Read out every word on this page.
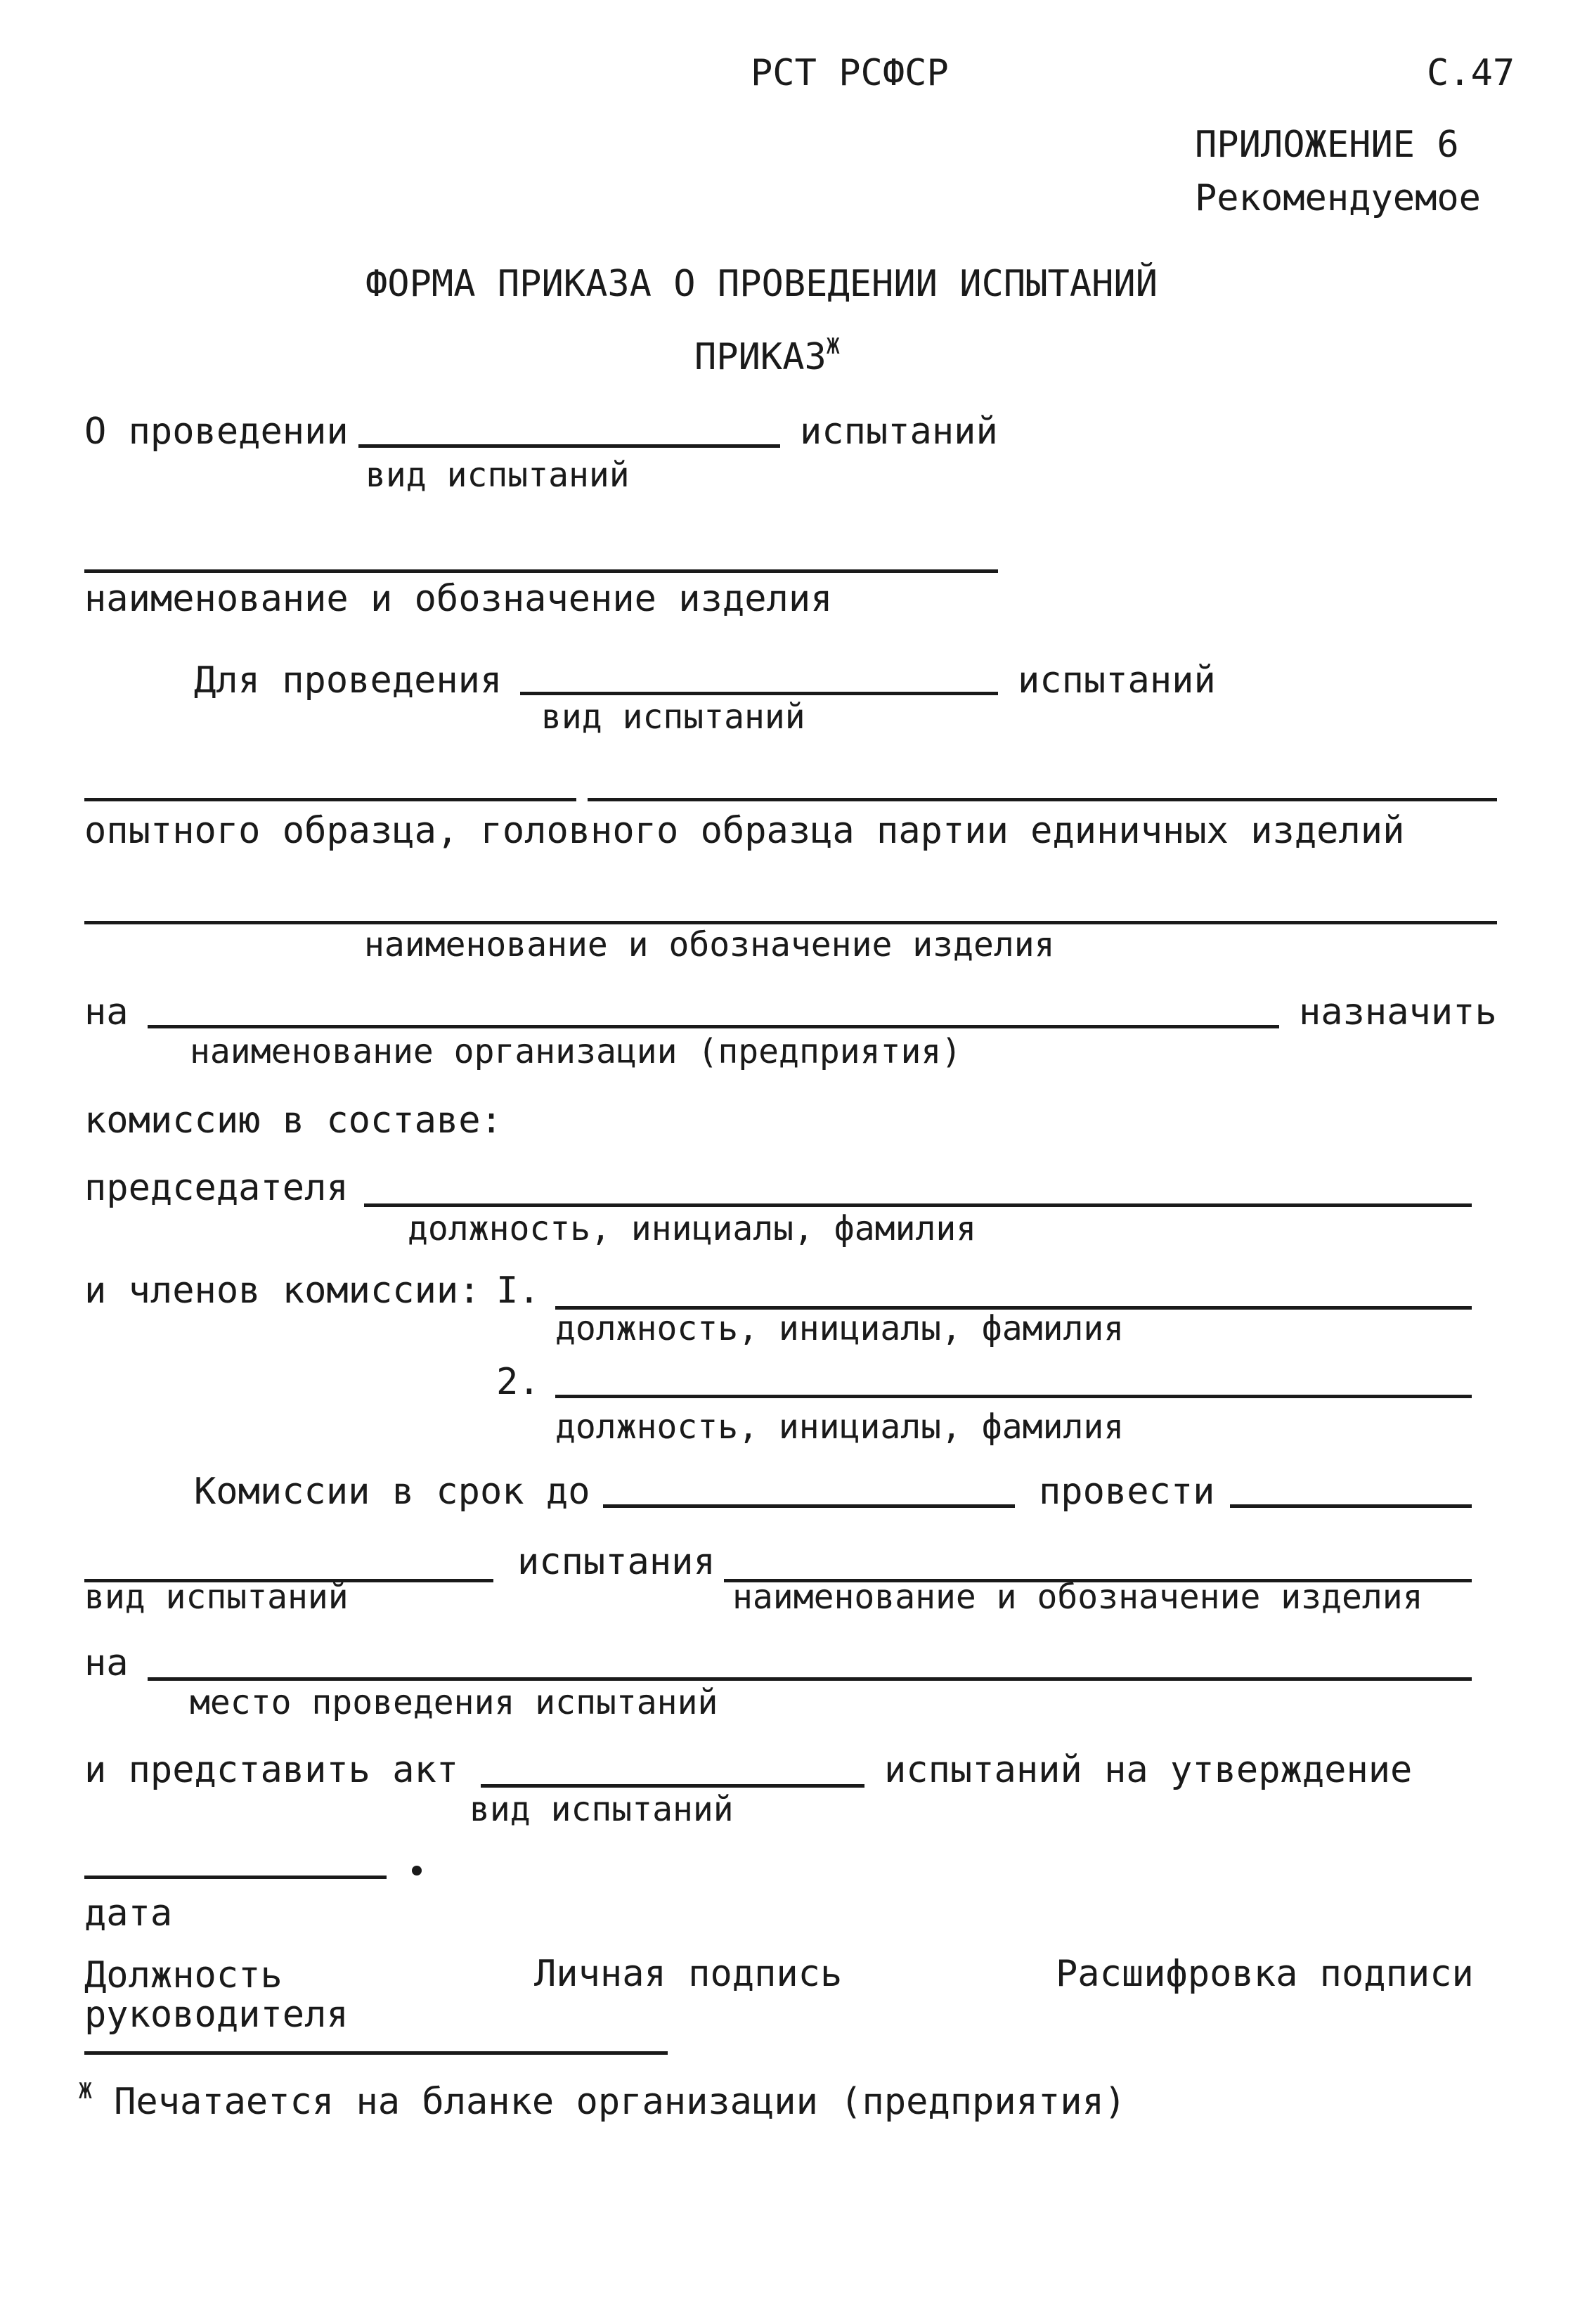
РСТ РСФСР	С.47
ПРИЛОЖЕНИЕ 6
Рекомендуемое
ФОРМА ПРИКАЗА О ПРОВЕДЕНИИ ИСПЫТАНИЙ
$ПРИКАЗ^Ж$
О проведении	испытаний
вид испытаний
наименование и обозначение изделия
Для проведения	испытаний
вид испытаний
опытного образца, головного образца партии единичных изделий
наименование и обозначение изделия
на	назначить
наименование организации (предприятия)
комиссию в составе:
председателя
должность, инициалы, фамилия
и членов комиссии: I.
должность, инициалы, фамилия
2.
должность, инициалы, фамилия
Комиссии в срок до	провести
испытания
вид испытаний	наименование и обозначение изделия
на
место проведения испытаний
и представить акт	испытаний на утверждение
вид испытаний
дата
Должность руководителя
Личная подпись	Расшифровка подписи
$^Ж$ Печатается на бланке организации (предприятия)
